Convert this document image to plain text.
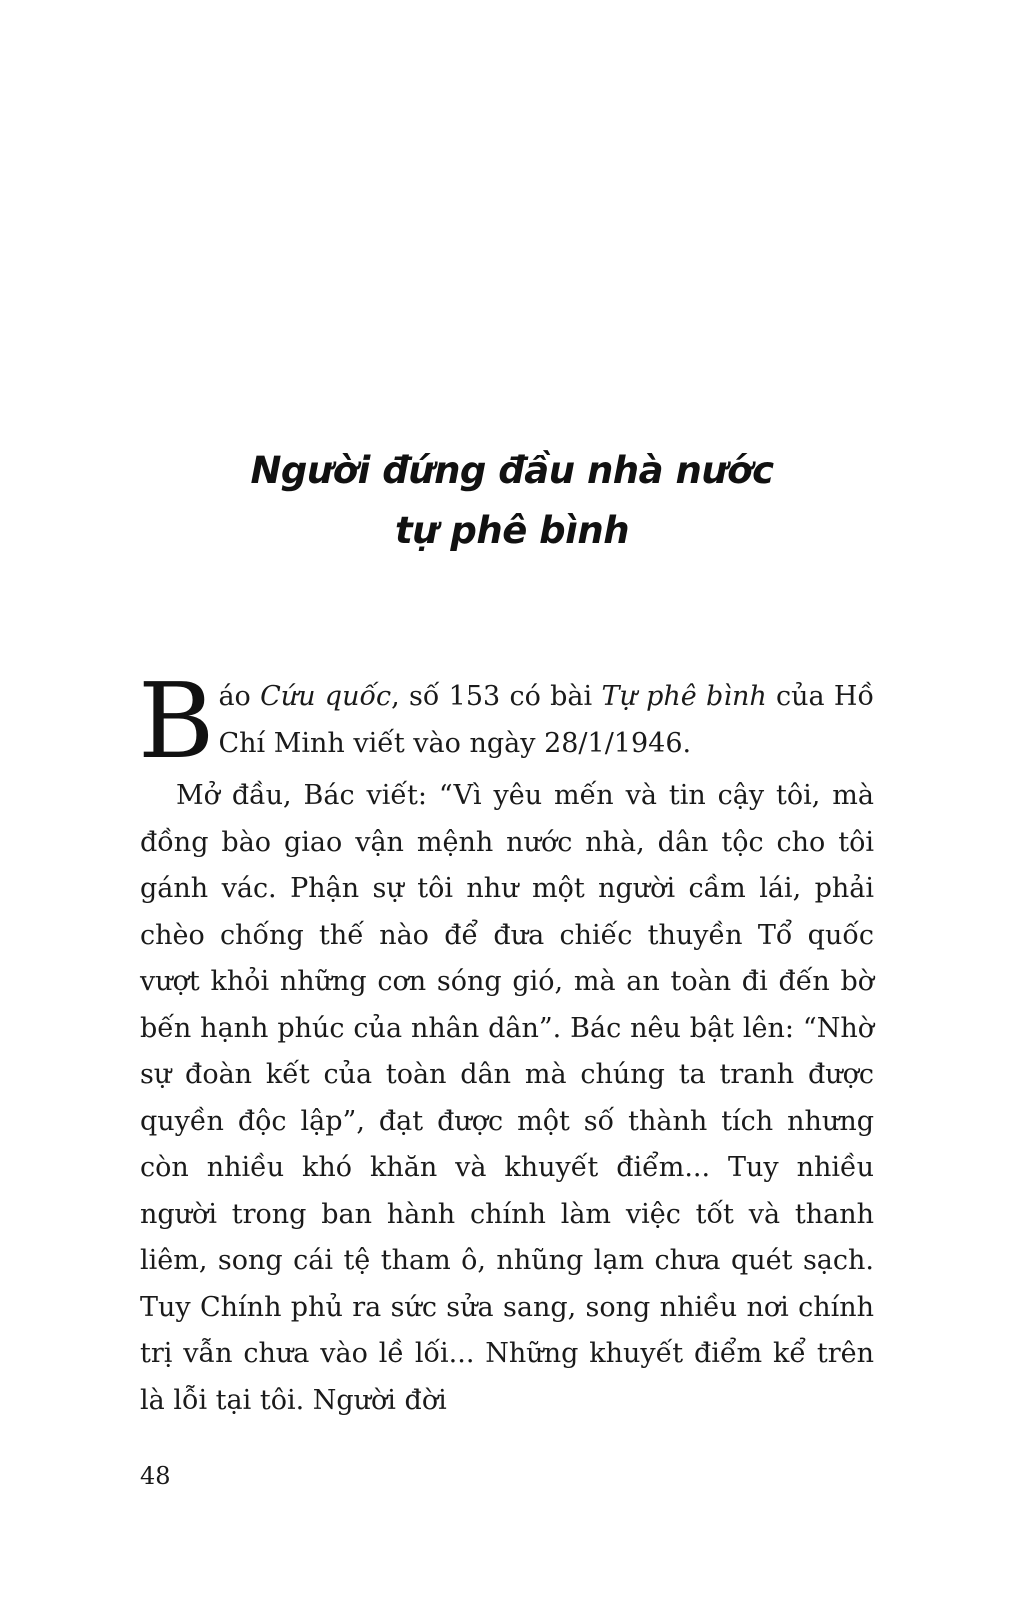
Người đứng đầu nhà nước
tự phê bình

Báo Cứu quốc, số 153 có bài Tự phê bình của Hồ Chí Minh viết vào ngày 28/1/1946.

Mở đầu, Bác viết: “Vì yêu mến và tin cậy tôi, mà đồng bào giao vận mệnh nước nhà, dân tộc cho tôi gánh vác. Phận sự tôi như một người cầm lái, phải chèo chống thế nào để đưa chiếc thuyền Tổ quốc vượt khỏi những cơn sóng gió, mà an toàn đi đến bờ bến hạnh phúc của nhân dân”. Bác nêu bật lên: “Nhờ sự đoàn kết của toàn dân mà chúng ta tranh được quyền độc lập”, đạt được một số thành tích nhưng còn nhiều khó khăn và khuyết điểm... Tuy nhiều người trong ban hành chính làm việc tốt và thanh liêm, song cái tệ tham ô, nhũng lạm chưa quét sạch. Tuy Chính phủ ra sức sửa sang, song nhiều nơi chính trị vẫn chưa vào lề lối... Những khuyết điểm kể trên là lỗi tại tôi. Người đời

48
